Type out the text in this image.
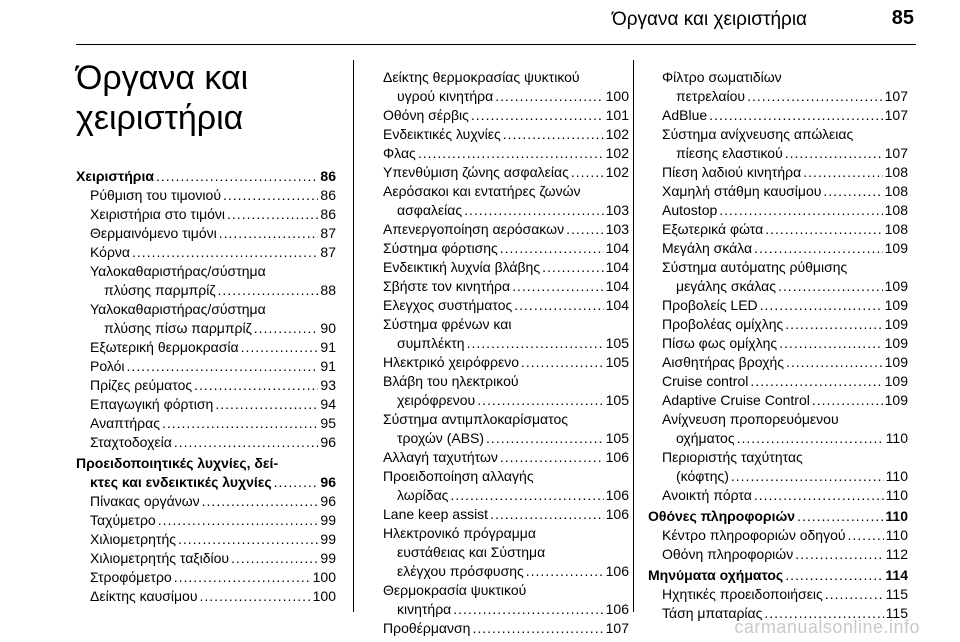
Όργανα και χειριστήρια	85
Όργανα και
χειριστήρια
Χειριστήρια .....	86
Ρύθμιση του τιμονιού .....	86
Χειριστήρια στο τιμόνι .....	86
Θερμαινόμενο τιμόνι .....	87
Κόρνα .....	87
Υαλοκαθαριστήρας/σύστημα
πλύσης παρμπρίζ .....	88
Υαλοκαθαριστήρας/σύστημα
πλύσης πίσω παρμπρίζ .....	90
Εξωτερική θερμοκρασία .....	91
Ρολόι .....	91
Πρίζες ρεύματος .....	93
Επαγωγική φόρτιση .....	94
Αναπτήρας .....	95
Σταχτοδοχεία .....	96
Προειδοποιητικές λυχνίες, δεί-
κτες και ενδεικτικές λυχνίες .....	96
Πίνακας οργάνων .....	96
Ταχύμετρο .....	99
Χιλιομετρητής .....	99
Χιλιομετρητής ταξιδίου .....	99
Στροφόμετρο .....	100
Δείκτης καυσίμου .....	100
Δείκτης θερμοκρασίας ψυκτικού
υγρού κινητήρα .....	100
Οθόνη σέρβις .....	101
Ενδεικτικές λυχνίες .....	102
Φλας .....	102
Υπενθύμιση ζώνης ασφαλείας .....	102
Αερόσακοι και εντατήρες ζωνών
ασφαλείας .....	103
Απενεργοποίηση αερόσακων .....	103
Σύστημα φόρτισης .....	104
Ενδεικτική λυχνία βλάβης .....	104
Σβήστε τον κινητήρα .....	104
Ελεγχος συστήματος .....	104
Σύστημα φρένων και
συμπλέκτη .....	105
Ηλεκτρικό χειρόφρενο .....	105
Βλάβη του ηλεκτρικού
χειρόφρενου .....	105
Σύστημα αντιμπλοκαρίσματος
τροχών (ABS) .....	105
Αλλαγή ταχυτήτων .....	106
Προειδοποίηση αλλαγής
λωρίδας .....	106
Lane keep assist .....	106
Ηλεκτρονικό πρόγραμμα
ευστάθειας και Σύστημα
ελέγχου πρόσφυσης .....	106
Θερμοκρασία ψυκτικού
κινητήρα .....	106
Προθέρμανση .....	107
Φίλτρο σωματιδίων
πετρελαίου .....	107
AdBlue .....	107
Σύστημα ανίχνευσης απώλειας
πίεσης ελαστικού .....	107
Πίεση λαδιού κινητήρα .....	108
Χαμηλή στάθμη καυσίμου .....	108
Autostop .....	108
Εξωτερικά φώτα .....	108
Μεγάλη σκάλα .....	109
Σύστημα αυτόματης ρύθμισης
μεγάλης σκάλας .....	109
Προβολείς LED .....	109
Προβολέας ομίχλης .....	109
Πίσω φως ομίχλης .....	109
Αισθητήρας βροχής .....	109
Cruise control .....	109
Adaptive Cruise Control .....	109
Ανίχνευση προπορευόμενου
οχήματος .....	110
Περιοριστής ταχύτητας
(κόφτης) .....	110
Ανοικτή πόρτα .....	110
Οθόνες πληροφοριών .....	110
Κέντρο πληροφοριών οδηγού .....	110
Οθόνη πληροφοριών .....	112
Μηνύματα οχήματος .....	114
Ηχητικές προειδοποιήσεις .....	115
Τάση μπαταρίας .....	115
carmanualsonline.info
